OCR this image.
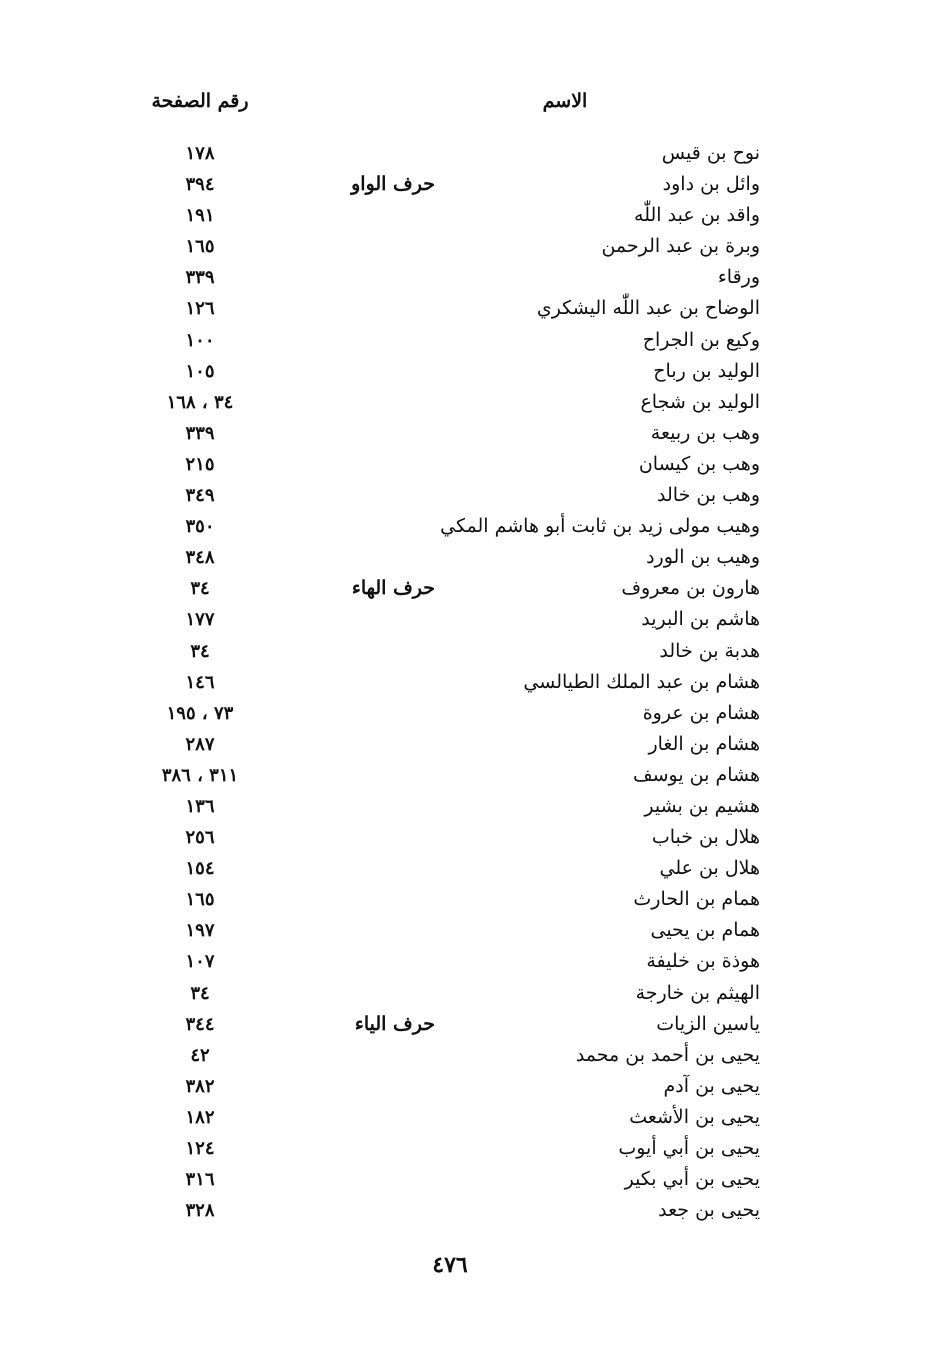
الاسم
رقم الصفحة
نوح بن قيس
١٧٨
وائل بن داود
حرف الواو
٣٩٤
واقد بن عبد اللّٰه
١٩١
وبرة بن عبد الرحمن
١٦٥
ورقاء
٣٣٩
الوضاح بن عبد اللّٰه اليشكري
١٢٦
وكيع بن الجراح
١٠٠
الوليد بن رباح
١٠٥
الوليد بن شجاع
٣٤ ، ١٦٨
وهب بن ربيعة
٣٣٩
وهب بن كيسان
٢١٥
وهب بن خالد
٣٤٩
وهيب مولى زيد بن ثابت أبو هاشم المكي
٣٥٠
وهيب بن الورد
٣٤٨
هارون بن معروف
حرف الهاء
٣٤
هاشم بن البريد
١٧٧
هدبة بن خالد
٣٤
هشام بن عبد الملك الطيالسي
١٤٦
هشام بن عروة
٧٣ ، ١٩٥
هشام بن الغار
٢٨٧
هشام بن يوسف
٣١١ ، ٣٨٦
هشيم بن بشير
١٣٦
هلال بن خباب
٢٥٦
هلال بن علي
١٥٤
همام بن الحارث
١٦٥
همام بن يحيى
١٩٧
هوذة بن خليفة
١٠٧
الهيثم بن خارجة
٣٤
ياسين الزيات
حرف الياء
٣٤٤
يحيى بن أحمد بن محمد
٤٢
يحيى بن آدم
٣٨٢
يحيى بن الأشعث
١٨٢
يحيى بن أبي أيوب
١٢٤
يحيى بن أبي بكير
٣١٦
يحيى بن جعد
٣٢٨
٤٧٦
